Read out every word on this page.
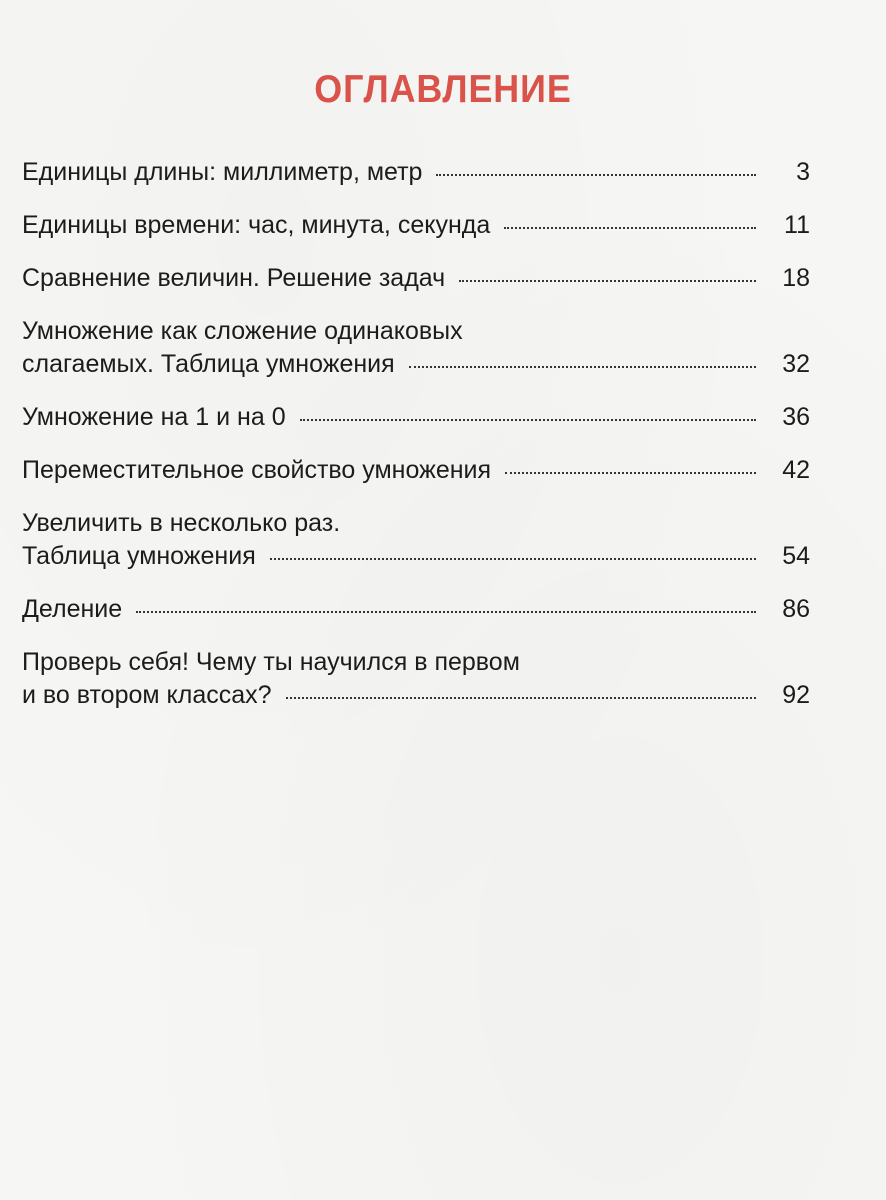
ОГЛАВЛЕНИЕ
Единицы длины: миллиметр, метр	3
Единицы времени: час, минута, секунда	11
Сравнение величин. Решение задач	18
Умножение как сложение одинаковых
слагаемых. Таблица умножения	32
Умножение на 1 и на 0	36
Переместительное свойство умножения	42
Увеличить в несколько раз.
Таблица умножения	54
Деление	86
Проверь себя! Чему ты научился в первом
и во втором классах?	92
